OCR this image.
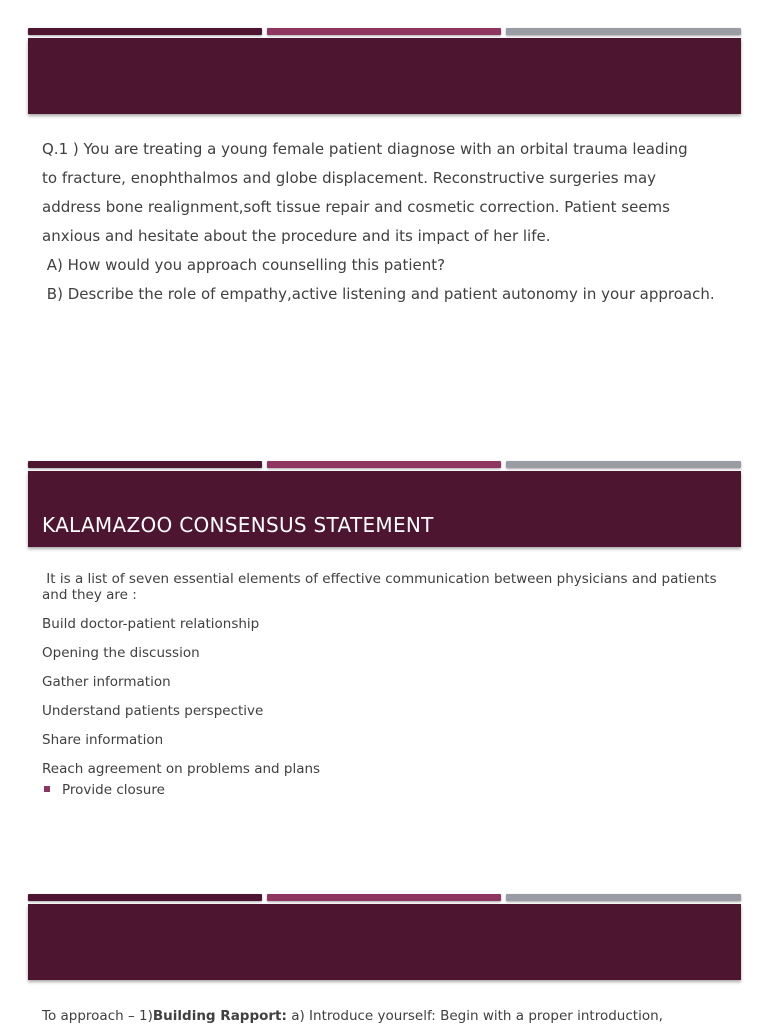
Q.1 ) You are treating a young female patient diagnose with an orbital trauma leading

to fracture, enophthalmos and globe displacement. Reconstructive surgeries may

address bone realignment,soft tissue repair and cosmetic correction. Patient seems

anxious and hesitate about the procedure and its impact of her life.

A) How would you approach counselling this patient?

B) Describe the role of empathy,active listening and patient autonomy in your approach.

KALAMAZOO CONSENSUS STATEMENT

It is a list of seven essential elements of effective communication between physicians and patients  and they are :

Build doctor-patient relationship

Opening the discussion

Gather information

Understand patients perspective

Share information

Reach agreement on problems and plans

Provide closure
To approach – 1)Building Rapport: a) Introduce yourself: Begin with a proper introduction,
